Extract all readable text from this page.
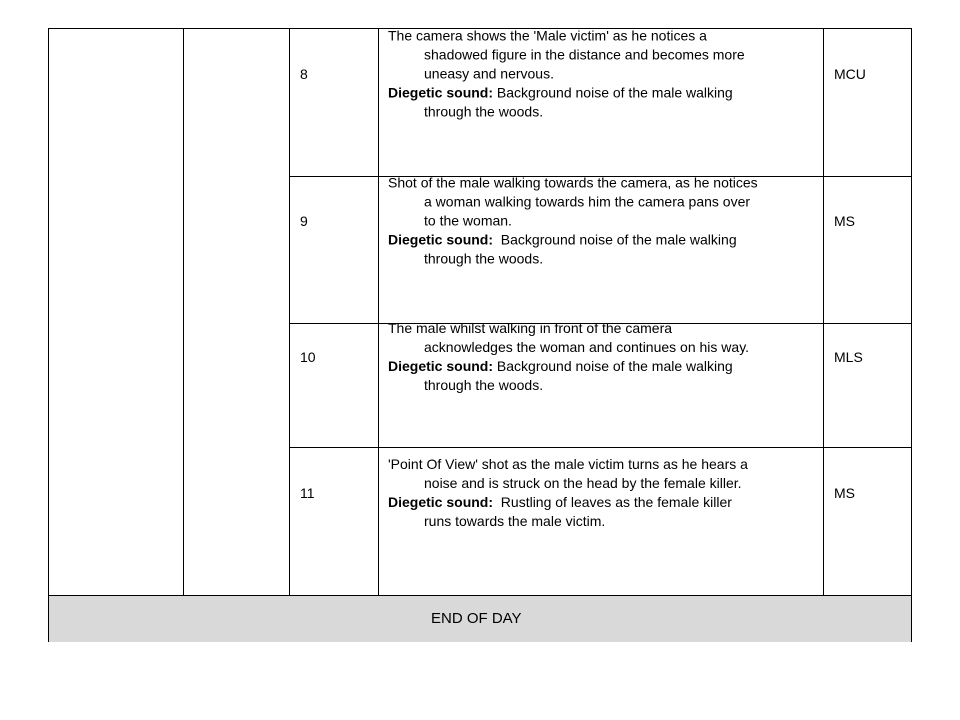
8
The camera shows the 'Male victim' as he notices a
shadowed figure in the distance and becomes more
uneasy and nervous.
Diegetic sound: Background noise of the male walking
through the woods.
MCU
9
Shot of the male walking towards the camera, as he notices
a woman walking towards him the camera pans over
to the woman.
Diegetic sound:  Background noise of the male walking
through the woods.
MS
10
The male whilst walking in front of the camera
acknowledges the woman and continues on his way.
Diegetic sound: Background noise of the male walking
through the woods.
MLS
11
'Point Of View' shot as the male victim turns as he hears a
noise and is struck on the head by the female killer.
Diegetic sound:  Rustling of leaves as the female killer
runs towards the male victim.
MS
END OF DAY
